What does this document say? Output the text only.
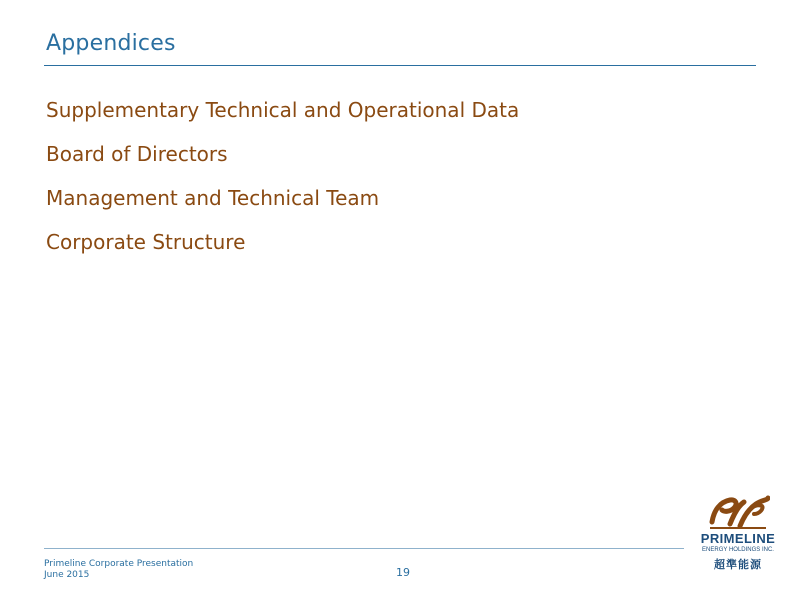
Appendices
Supplementary Technical and Operational Data
Board of Directors
Management and Technical Team
Corporate Structure
Primeline Corporate Presentation
June 2015	19
PRIMELINE
ENERGY HOLDINGS INC.
超準能源
